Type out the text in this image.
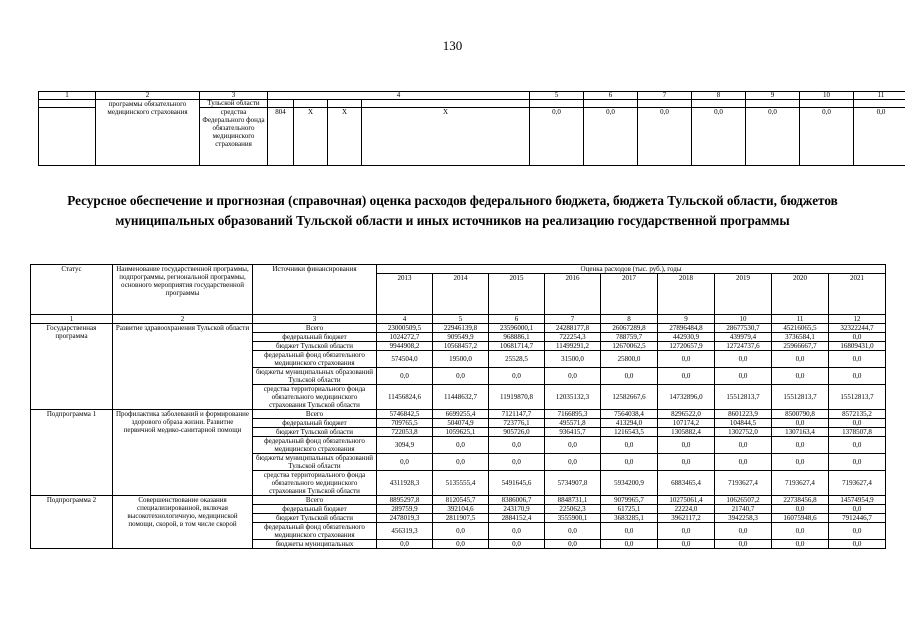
130
1	2	3	4				5	6	7	8	9	10	11	
	программы обязательного медицинского страхования	Тульской области												
		средства Федерального фонда обязательного медицинского страхования	804	X	X	X	0,0	0,0	0,0	0,0	0,0	0,0	0,0		
Ресурсное обеспечение и прогнозная (справочная) оценка расходов федерального бюджета, бюджета Тульской области, бюджетов муниципальных образований Тульской области и иных источников на реализацию государственной программы
Статус	Наименование государственной программы, подпрограммы, региональной программы, основного мероприятия государственной программы	Источники финансирования	Оценка расходов (тыс. руб.), годы								
			2013	2014	2015	2016	2017	2018	2019	2020	2021
1	2	3	4	5	6	7	8	9	10	11	12
Государственная программа	Развитие здравоохранения Тульской области	Всего	23000509,5	22946139,8	23596000,1	24288177,8	26067289,8	27896484,8	28677530,7	45216065,5	32322244,7
		федеральный бюджет	1024272,7	909549,9	968886,1	722254,3	788759,7	442930,9	439979,4	3736584,1	0,0
		бюджет Тульской области	9944908,2	10568457,2	10681714,7	11499291,2	12670062,5	12720657,9	12724737,6	25966667,7	16809431,0
		федеральный фонд обязательного медицинского страхования	574504,0	19500,0	25528,5	31500,0	25800,0	0,0	0,0	0,0	0,0
		бюджеты муниципальных образований Тульской области	0,0	0,0	0,0	0,0	0,0	0,0	0,0	0,0	0,0
		средства территориального фонда обязательного медицинского страхования Тульской области	11456824,6	11448632,7	11919870,8	12035132,3	12582667,6	14732896,0	15512813,7	15512813,7	15512813,7
Подпрограмма 1	Профилактика заболеваний и формирование здорового образа жизни. Развитие первичной медико-санитарной помощи	Всего	5746842,5	6699255,4	7121147,7	7166895,3	7564038,4	8296522,0	8601223,9	8500790,8	8572135,2
		федеральный бюджет	709765,5	504074,9	723776,1	495571,8	413294,0	107174,2	104844,5	0,0	0,0
		бюджет Тульской области	722053,8	1059625,1	905726,0	936415,7	1216543,5	1305882,4	1302752,0	1307163,4	1378507,8
		федеральный фонд обязательного медицинского страхования	3094,9	0,0	0,0	0,0	0,0	0,0	0,0	0,0	0,0
		бюджеты муниципальных образований Тульской области	0,0	0,0	0,0	0,0	0,0	0,0	0,0	0,0	0,0
		средства территориального фонда обязательного медицинского страхования Тульской области	4311928,3	5135555,4	5491645,6	5734907,8	5934200,9	6883465,4	7193627,4	7193627,4	7193627,4
Подпрограмма 2	Совершенствование оказания специализированной, включая высокотехнологичную, медицинской помощи, скорой, в том числе скорой	Всего	8895297,8	8120545,7	8386006,7	8848731,1	9079965,7	10275061,4	10626507,2	22738456,8	14574954,9
		федеральный бюджет	289759,9	392104,6	243170,9	225062,3	61725,1	22224,0	21740,7	0,0	0,0
		бюджет Тульской области	2478019,3	2811907,5	2884152,4	3555900,1	3683285,1	3962117,2	3942258,3	16075948,6	7912446,7
		федеральный фонд обязательного медицинского страхования	456319,3	0,0	0,0	0,0	0,0	0,0	0,0	0,0	0,0
		бюджеты муниципальных	0,0	0,0	0,0	0,0	0,0	0,0	0,0	0,0	0,0
